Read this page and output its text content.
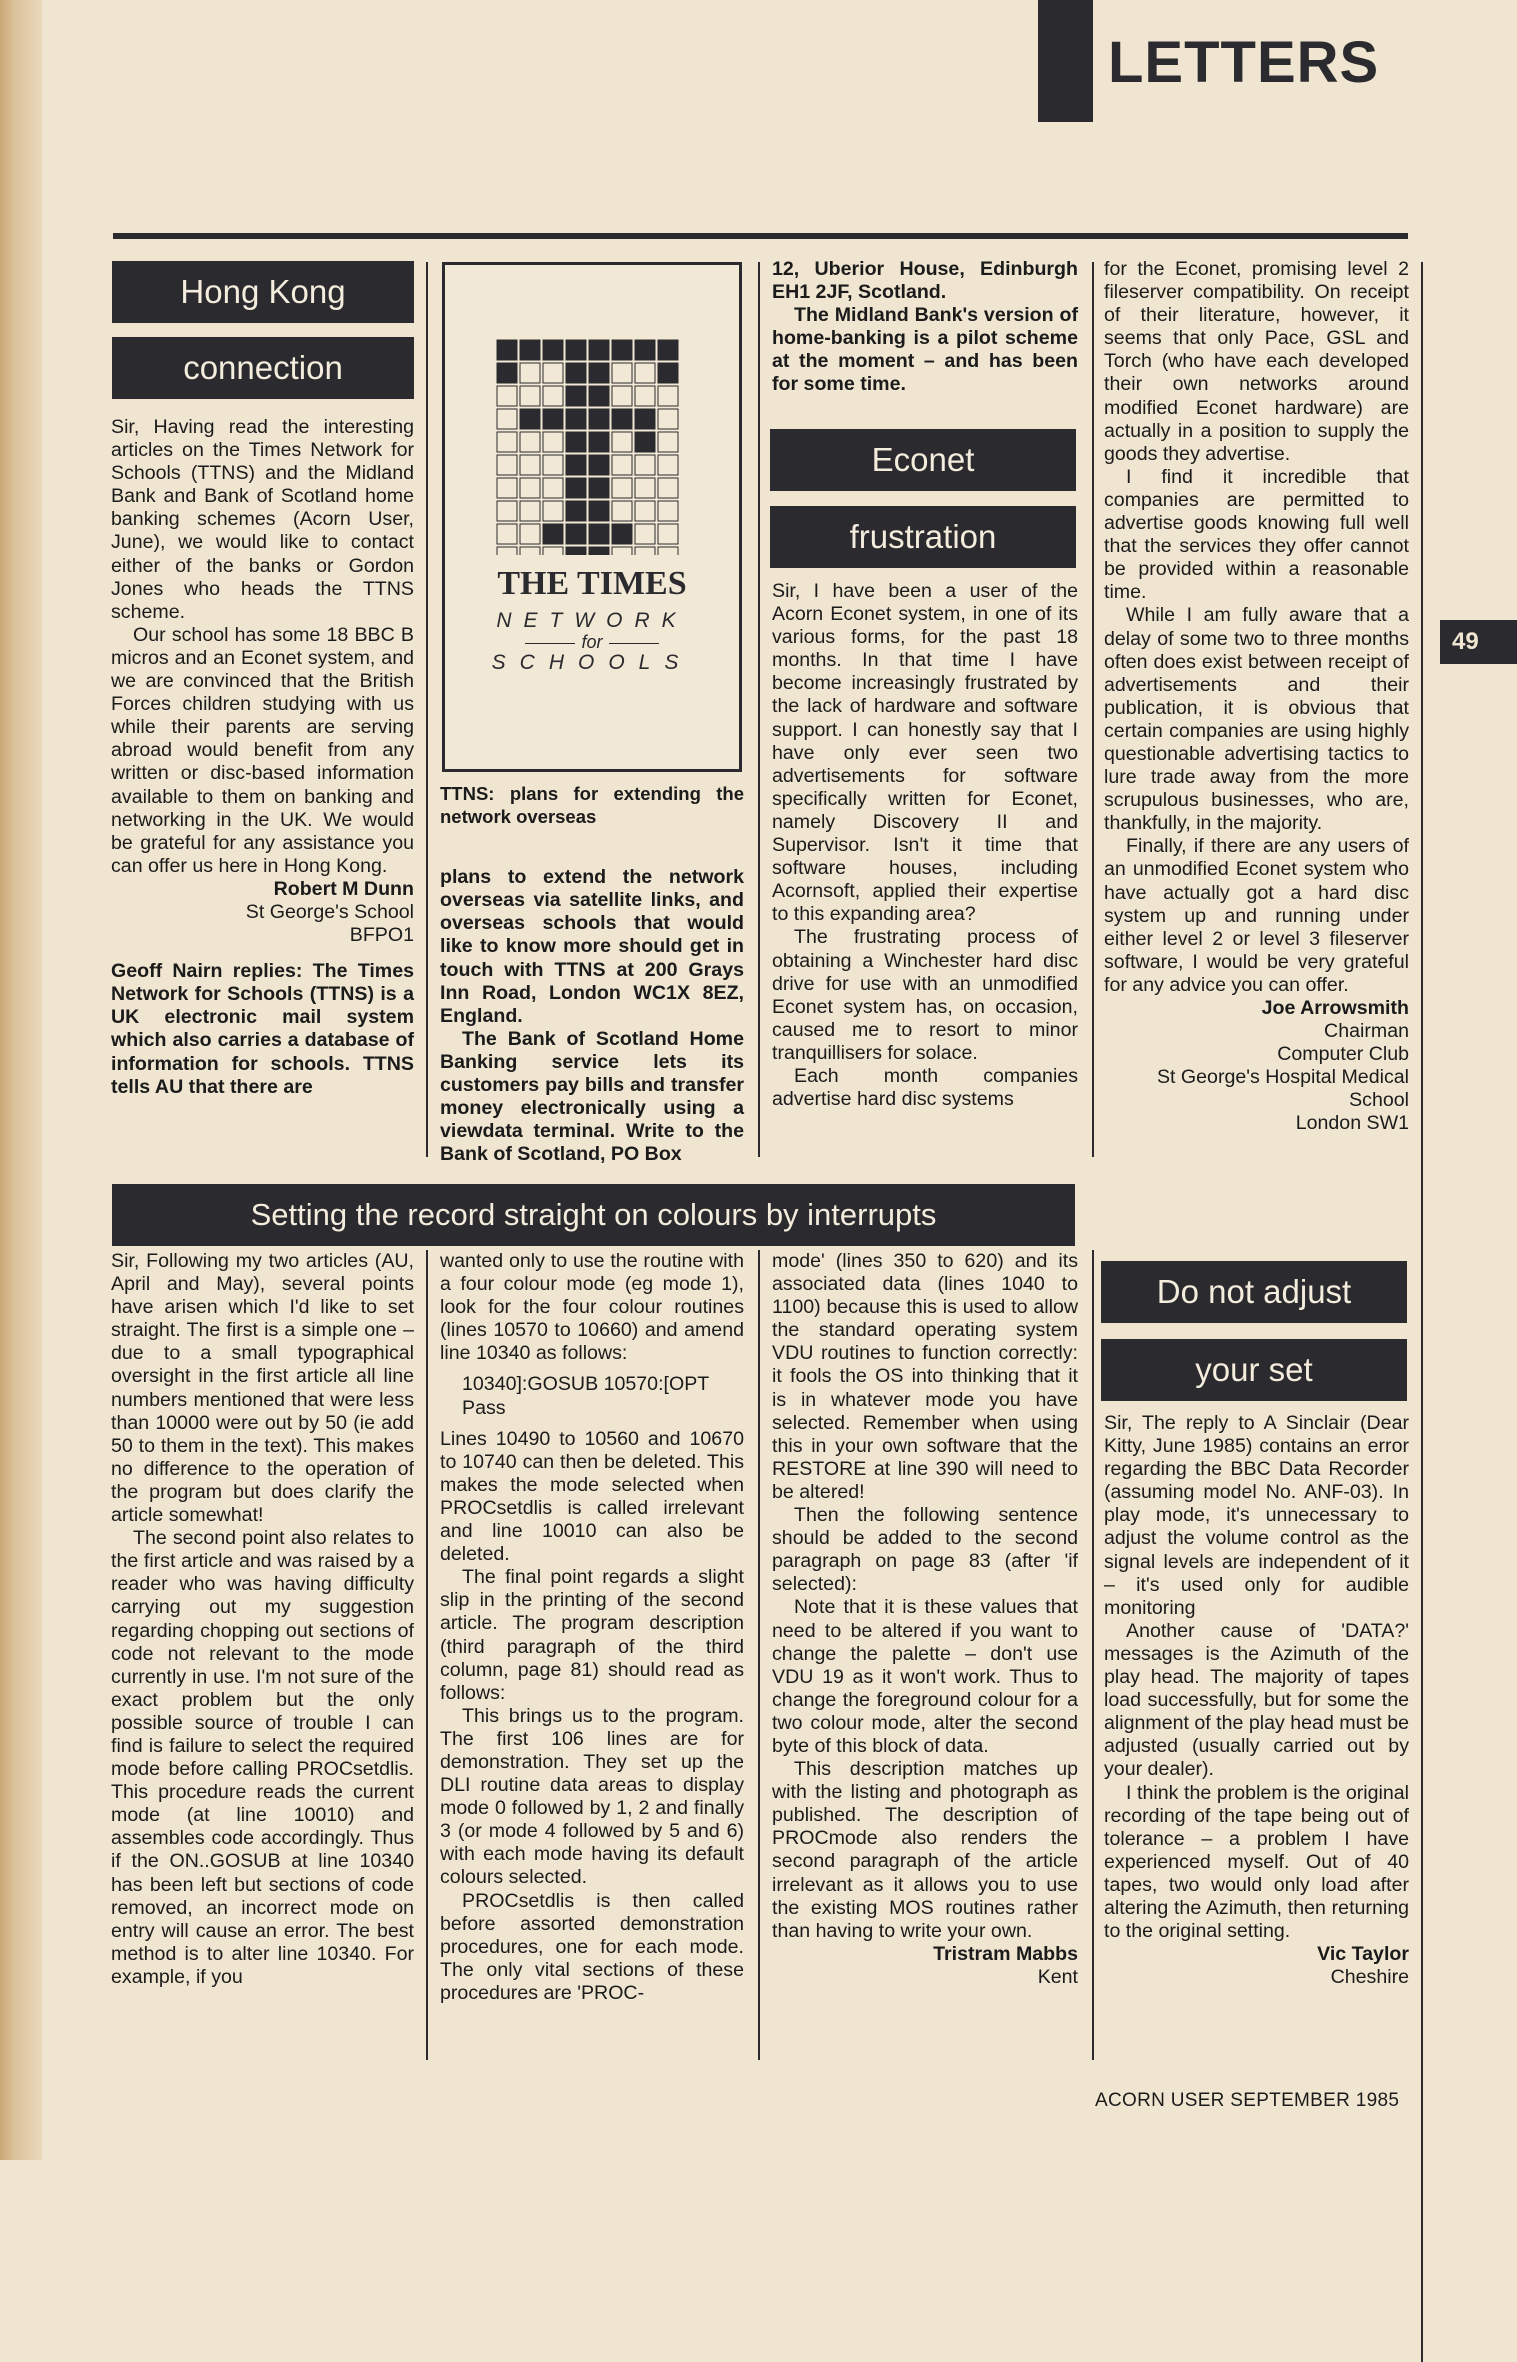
LETTERS
49
Hong Kong
connection

Sir, Having read the interesting articles on the Times Network for Schools (TTNS) and the Midland Bank and Bank of Scotland home banking schemes (Acorn User, June), we would like to contact either of the banks or Gordon Jones who heads the TTNS scheme.

Our school has some 18 BBC B micros and an Econet system, and we are convinced that the British Forces children studying with us while their parents are serving abroad would benefit from any written or disc-based information available to them on banking and networking in the UK. We would be grateful for any assistance you can offer us here in Hong Kong.

Robert M Dunn

St George's School

BFPO1

Geoff Nairn replies: The Times Network for Schools (TTNS) is a UK electronic mail system which also carries a database of information for schools. TTNS tells AU that there are

THE TIMES
NETWORK
for
SCHOOLS

TTNS: plans for extending the network overseas

plans to extend the network overseas via satellite links, and overseas schools that would like to know more should get in touch with TTNS at 200 Grays Inn Road, London WC1X 8EZ, England.

The Bank of Scotland Home Banking service lets its customers pay bills and transfer money electronically using a viewdata terminal. Write to the Bank of Scotland, PO Box

12, Uberior House, Edinburgh EH1 2JF, Scotland.

The Midland Bank's version of home-banking is a pilot scheme at the moment – and has been for some time.

Econet
frustration

Sir, I have been a user of the Acorn Econet system, in one of its various forms, for the past 18 months. In that time I have become increasingly frustrated by the lack of hardware and software support. I can honestly say that I have only ever seen two advertisements for software specifically written for Econet, namely Discovery II and Supervisor. Isn't it time that software houses, including Acornsoft, applied their expertise to this expanding area?

The frustrating process of obtaining a Winchester hard disc drive for use with an unmodified Econet system has, on occasion, caused me to resort to minor tranquillisers for solace.

Each month companies advertise hard disc systems

for the Econet, promising level 2 fileserver compatibility. On receipt of their literature, however, it seems that only Pace, GSL and Torch (who have each developed their own networks around modified Econet hardware) are actually in a position to supply the goods they advertise.

I find it incredible that companies are permitted to advertise goods knowing full well that the services they offer cannot be provided within a reasonable time.

While I am fully aware that a delay of some two to three months often does exist between receipt of advertisements and their publication, it is obvious that certain companies are using highly questionable advertising tactics to lure trade away from the more scrupulous businesses, who are, thankfully, in the majority.

Finally, if there are any users of an unmodified Econet system who have actually got a hard disc system up and running under either level 2 or level 3 fileserver software, I would be very grateful for any advice you can offer.

Joe Arrowsmith

Chairman

Computer Club

St George's Hospital Medical

School

London SW1

Setting the record straight on colours by interrupts

Sir, Following my two articles (AU, April and May), several points have arisen which I'd like to set straight. The first is a simple one – due to a small typographical oversight in the first article all line numbers mentioned that were less than 10000 were out by 50 (ie add 50 to them in the text). This makes no difference to the operation of the program but does clarify the article somewhat!

The second point also relates to the first article and was raised by a reader who was having difficulty carrying out my suggestion regarding chopping out sections of code not relevant to the mode currently in use. I'm not sure of the exact problem but the only possible source of trouble I can find is failure to select the required mode before calling PROCsetdlis. This procedure reads the current mode (at line 10010) and assembles code accordingly. Thus if the ON..GOSUB at line 10340 has been left but sections of code removed, an incorrect mode on entry will cause an error. The best method is to alter line 10340. For example, if you

wanted only to use the routine with a four colour mode (eg mode 1), look for the four colour routines (lines 10570 to 10660) and amend line 10340 as follows:

10340]:GOSUB 10570:[OPT Pass

Lines 10490 to 10560 and 10670 to 10740 can then be deleted. This makes the mode selected when PROCsetdlis is called irrelevant and line 10010 can also be deleted.

The final point regards a slight slip in the printing of the second article. The program description (third paragraph of the third column, page 81) should read as follows:

This brings us to the program. The first 106 lines are for demonstration. They set up the DLI routine data areas to display mode 0 followed by 1, 2 and finally 3 (or mode 4 followed by 5 and 6) with each mode having its default colours selected.

PROCsetdlis is then called before assorted demonstration procedures, one for each mode. The only vital sections of these procedures are 'PROC-

mode' (lines 350 to 620) and its associated data (lines 1040 to 1100) because this is used to allow the standard operating system VDU routines to function correctly: it fools the OS into thinking that it is in whatever mode you have selected. Remember when using this in your own software that the RESTORE at line 390 will need to be altered!

Then the following sentence should be added to the second paragraph on page 83 (after 'if selected):

Note that it is these values that need to be altered if you want to change the palette – don't use VDU 19 as it won't work. Thus to change the foreground colour for a two colour mode, alter the second byte of this block of data.

This description matches up with the listing and photograph as published. The description of PROCmode also renders the second paragraph of the article irrelevant as it allows you to use the existing MOS routines rather than having to write your own.

Tristram Mabbs

Kent

Do not adjust
your set

Sir, The reply to A Sinclair (Dear Kitty, June 1985) contains an error regarding the BBC Data Recorder (assuming model No. ANF-03). In play mode, it's unnecessary to adjust the volume control as the signal levels are independent of it – it's used only for audible monitoring

Another cause of 'DATA?' messages is the Azimuth of the play head. The majority of tapes load successfully, but for some the alignment of the play head must be adjusted (usually carried out by your dealer).

I think the problem is the original recording of the tape being out of tolerance – a problem I have experienced myself. Out of 40 tapes, two would only load after altering the Azimuth, then returning to the original setting.

Vic Taylor

Cheshire

ACORN USER SEPTEMBER 1985
